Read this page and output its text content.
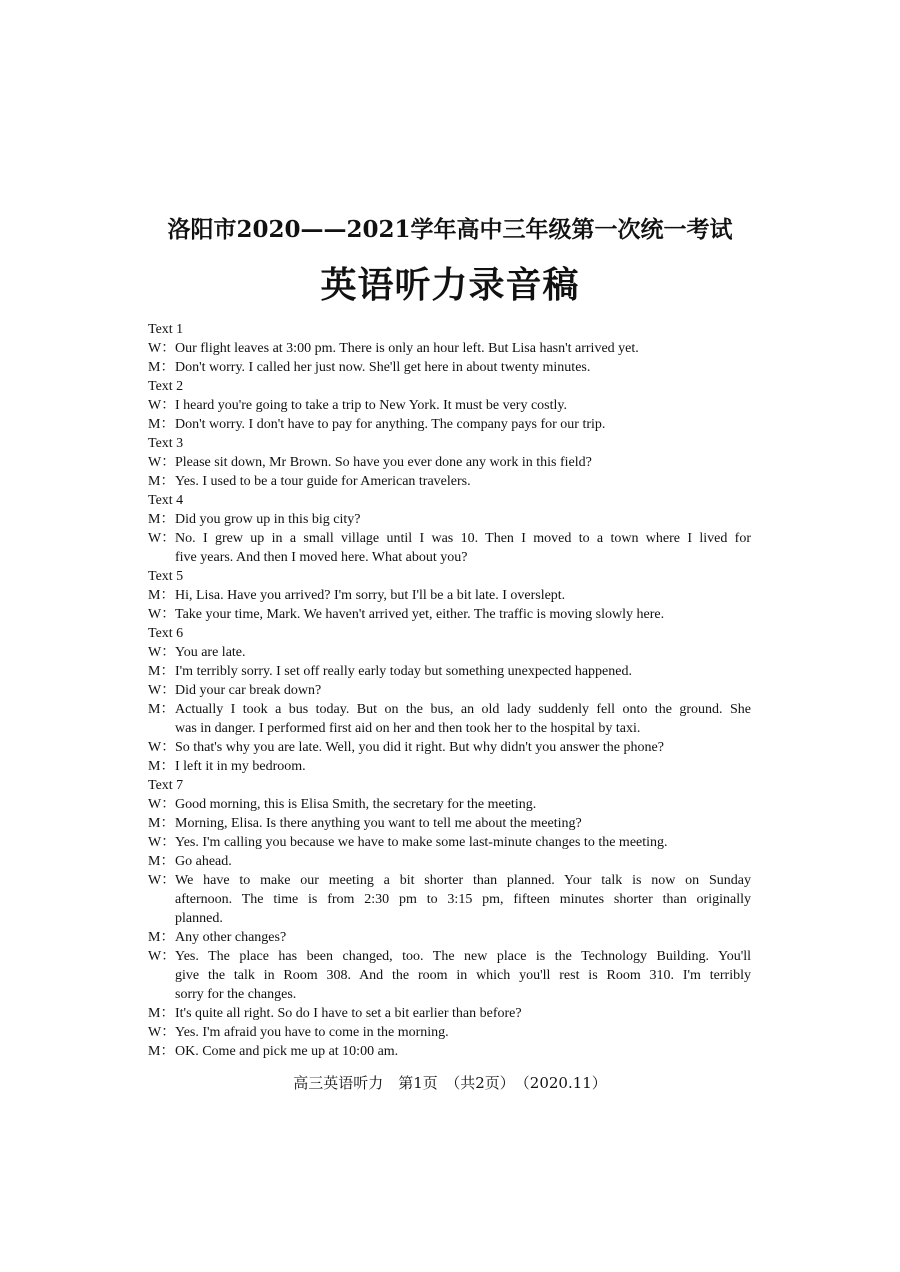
洛阳市2020——2021学年高中三年级第一次统一考试
英语听力录音稿
Text 1
W： Our flight leaves at 3:00 pm. There is only an hour left. But Lisa hasn't arrived yet.
M： Don't worry. I called her just now. She'll get here in about twenty minutes.
Text 2
W： I heard you're going to take a trip to New York. It must be very costly.
M： Don't worry. I don't have to pay for anything. The company pays for our trip.
Text 3
W： Please sit down, Mr Brown. So have you ever done any work in this field?
M： Yes. I used to be a tour guide for American travelers.
Text 4
M： Did you grow up in this big city?
W： No. I grew up in a small village until I was 10. Then I moved to a town where I lived for
five years. And then I moved here. What about you?
Text 5
M： Hi, Lisa. Have you arrived? I'm sorry, but I'll be a bit late. I overslept.
W： Take your time, Mark. We haven't arrived yet, either. The traffic is moving slowly here.
Text 6
W： You are late.
M： I'm terribly sorry. I set off really early today but something unexpected happened.
W： Did your car break down?
M： Actually I took a bus today. But on the bus, an old lady suddenly fell onto the ground. She
was in danger. I performed first aid on her and then took her to the hospital by taxi.
W： So that's why you are late. Well, you did it right. But why didn't you answer the phone?
M： I left it in my bedroom.
Text 7
W： Good morning, this is Elisa Smith, the secretary for the meeting.
M： Morning, Elisa. Is there anything you want to tell me about the meeting?
W： Yes. I'm calling you because we have to make some last-minute changes to the meeting.
M： Go ahead.
W： We have to make our meeting a bit shorter than planned. Your talk is now on Sunday
afternoon. The time is from 2:30 pm to 3:15 pm, fifteen minutes shorter than originally
planned.
M： Any other changes?
W： Yes. The place has been changed, too. The new place is the Technology Building. You'll
give the talk in Room 308. And the room in which you'll rest is Room 310. I'm terribly
sorry for the changes.
M： It's quite all right. So do I have to set a bit earlier than before?
W： Yes. I'm afraid you have to come in the morning.
M： OK. Come and pick me up at 10:00 am.
高三英语听力　第1页　（共2页）　（2020.11）
